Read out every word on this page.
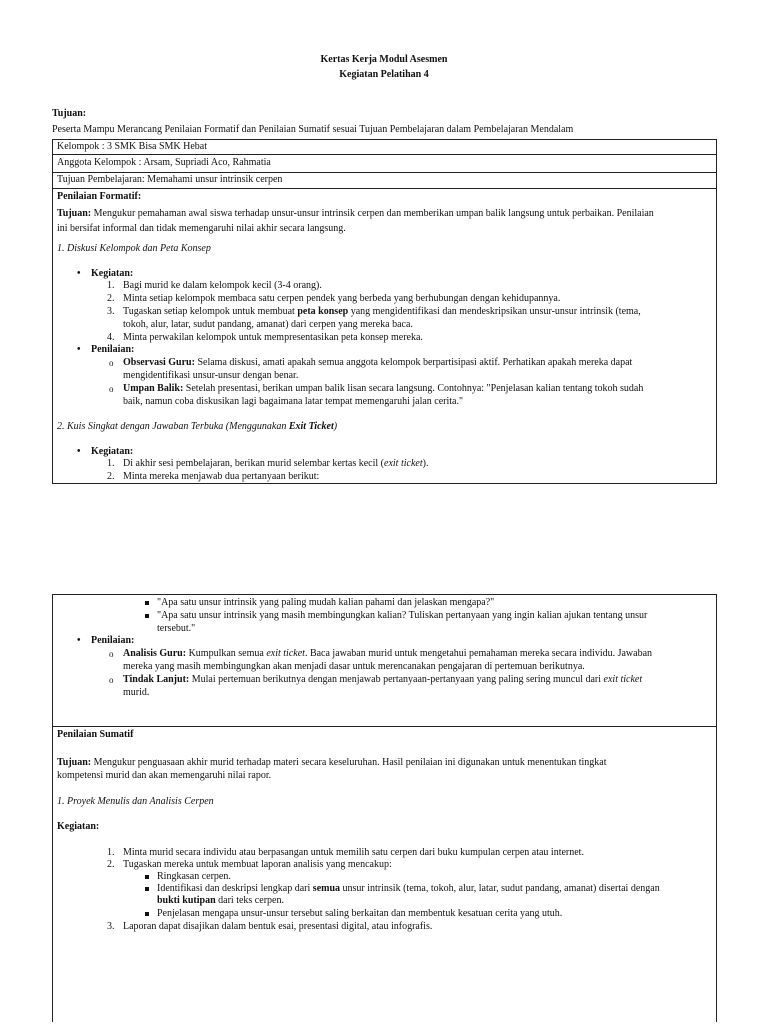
Kertas Kerja Modul Asesmen
Kegiatan Pelatihan 4
Tujuan:
Peserta Mampu Merancang Penilaian Formatif dan Penilaian Sumatif sesuai Tujuan Pembelajaran dalam Pembelajaran Mendalam
Kelompok : 3 SMK Bisa SMK Hebat
Anggota Kelompok : Arsam, Supriadi Aco, Rahmatia
Tujuan Pembelajaran: Memahami unsur intrinsik cerpen
Penilaian Formatif:
Tujuan: Mengukur pemahaman awal siswa terhadap unsur-unsur intrinsik cerpen dan memberikan umpan balik langsung untuk perbaikan. Penilaian
ini bersifat informal dan tidak memengaruhi nilai akhir secara langsung.
1. Diskusi Kelompok dan Peta Konsep
• Kegiatan:
1. Bagi murid ke dalam kelompok kecil (3-4 orang).
2. Minta setiap kelompok membaca satu cerpen pendek yang berbeda yang berhubungan dengan kehidupannya.
3. Tugaskan setiap kelompok untuk membuat peta konsep yang mengidentifikasi dan mendeskripsikan unsur-unsur intrinsik (tema,
tokoh, alur, latar, sudut pandang, amanat) dari cerpen yang mereka baca.
4. Minta perwakilan kelompok untuk mempresentasikan peta konsep mereka.
• Penilaian:
o Observasi Guru: Selama diskusi, amati apakah semua anggota kelompok berpartisipasi aktif. Perhatikan apakah mereka dapat
mengidentifikasi unsur-unsur dengan benar.
o Umpan Balik: Setelah presentasi, berikan umpan balik lisan secara langsung. Contohnya: "Penjelasan kalian tentang tokoh sudah
baik, namun coba diskusikan lagi bagaimana latar tempat memengaruhi jalan cerita."
2. Kuis Singkat dengan Jawaban Terbuka (Menggunakan Exit Ticket)
• Kegiatan:
1. Di akhir sesi pembelajaran, berikan murid selembar kertas kecil (exit ticket).
2. Minta mereka menjawab dua pertanyaan berikut:
"Apa satu unsur intrinsik yang paling mudah kalian pahami dan jelaskan mengapa?"
"Apa satu unsur intrinsik yang masih membingungkan kalian? Tuliskan pertanyaan yang ingin kalian ajukan tentang unsur
tersebut."
• Penilaian:
o Analisis Guru: Kumpulkan semua exit ticket. Baca jawaban murid untuk mengetahui pemahaman mereka secara individu. Jawaban
mereka yang masih membingungkan akan menjadi dasar untuk merencanakan pengajaran di pertemuan berikutnya.
o Tindak Lanjut: Mulai pertemuan berikutnya dengan menjawab pertanyaan-pertanyaan yang paling sering muncul dari exit ticket
murid.
Penilaian Sumatif
Tujuan: Mengukur penguasaan akhir murid terhadap materi secara keseluruhan. Hasil penilaian ini digunakan untuk menentukan tingkat
kompetensi murid dan akan memengaruhi nilai rapor.
1. Proyek Menulis dan Analisis Cerpen
Kegiatan:
1. Minta murid secara individu atau berpasangan untuk memilih satu cerpen dari buku kumpulan cerpen atau internet.
2. Tugaskan mereka untuk membuat laporan analisis yang mencakup:
Ringkasan cerpen.
Identifikasi dan deskripsi lengkap dari semua unsur intrinsik (tema, tokoh, alur, latar, sudut pandang, amanat) disertai dengan
bukti kutipan dari teks cerpen.
Penjelasan mengapa unsur-unsur tersebut saling berkaitan dan membentuk kesatuan cerita yang utuh.
3. Laporan dapat disajikan dalam bentuk esai, presentasi digital, atau infografis.
